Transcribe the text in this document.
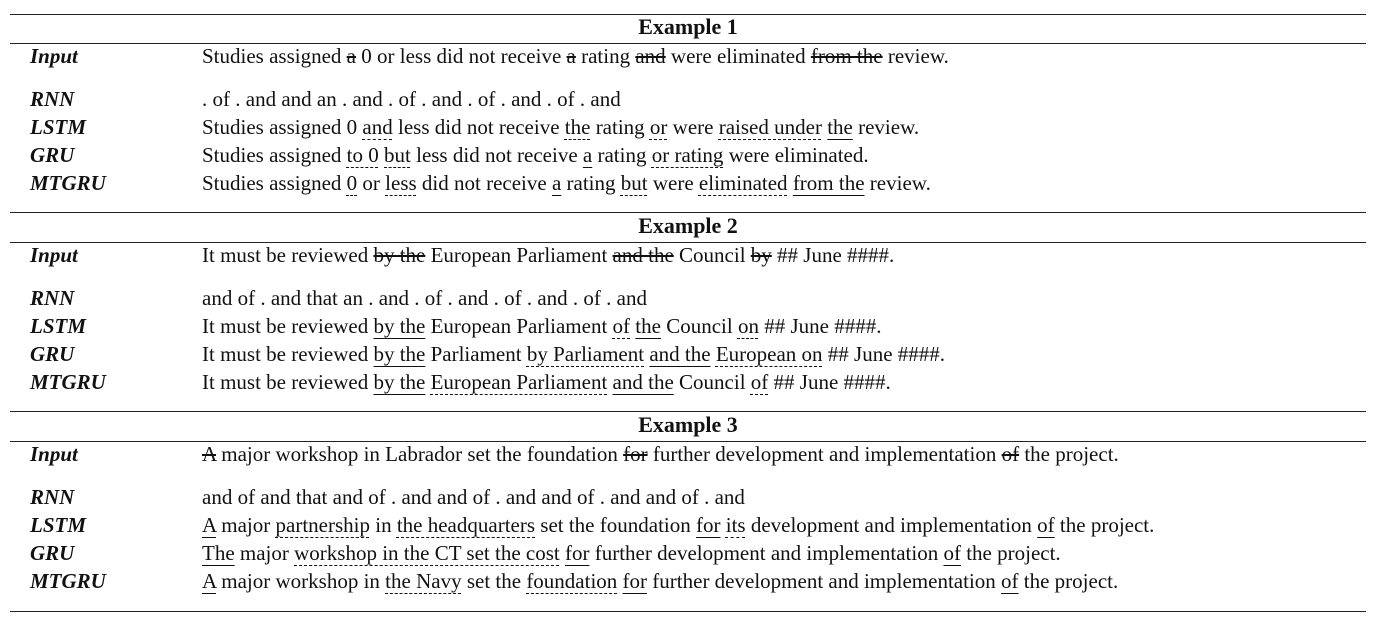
Example 1
Input	Studies assigned a 0 or less did not receive a rating and were eliminated from the review.
RNN	. of . and and an . and . of . and . of . and . of . and
LSTM	Studies assigned 0 and less did not receive the rating or were raised under the review.
GRU	Studies assigned to 0 but less did not receive a rating or rating were eliminated.
MTGRU	Studies assigned 0 or less did not receive a rating but were eliminated from the review.
Example 2
Input	It must be reviewed by the European Parliament and the Council by ## June ####.
RNN	and of . and that an . and . of . and . of . and . of . and
LSTM	It must be reviewed by the European Parliament of the Council on ## June ####.
GRU	It must be reviewed by the Parliament by Parliament and the European on ## June ####.
MTGRU	It must be reviewed by the European Parliament and the Council of ## June ####.
Example 3
Input	A major workshop in Labrador set the foundation for further development and implementation of the project.
RNN	and of and that and of . and and of . and and of . and and of . and
LSTM	A major partnership in the headquarters set the foundation for its development and implementation of the project.
GRU	The major workshop in the CT set the cost for further development and implementation of the project.
MTGRU	A major workshop in the Navy set the foundation for further development and implementation of the project.
